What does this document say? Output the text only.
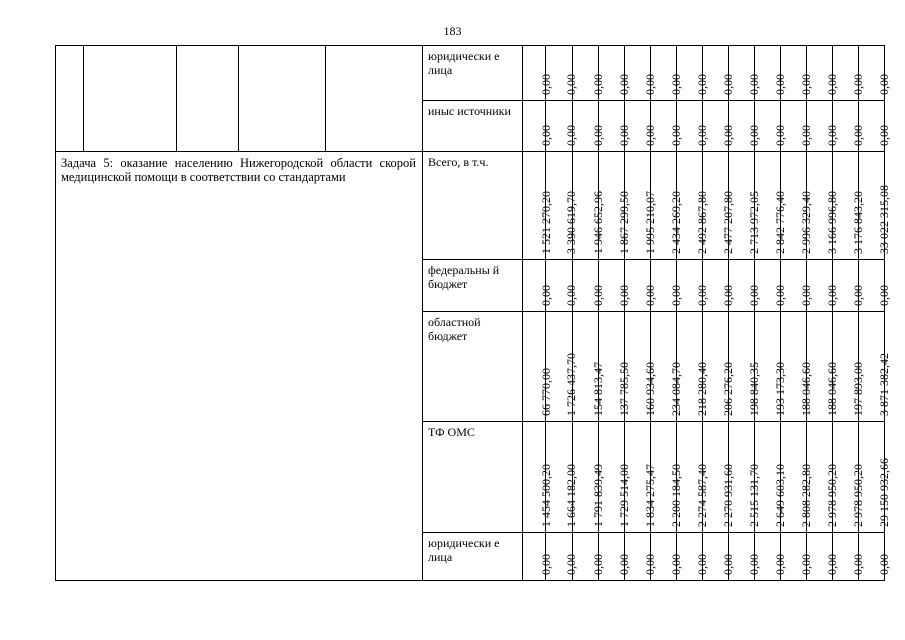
183
					юридически е лица	0,00	0,00	0,00	0,00	0,00	0,00	0,00	0,00	0,00	0,00	0,00	0,00	0,00	0,00

					иныс источники	0,00	0,00	0,00	0,00	0,00	0,00	0,00	0,00	0,00	0,00	0,00	0,00	0,00	0,00

Задача 5: оказание населению Нижегородской области скорой медицинской помощи в соответствии со стандартами					Всего, в т.ч.	1 521 270,20	3 390 619,70	1 946 652,96	1 867 299,50	1 995 210,07	2 434 269,20	2 492 867,80	2 477 207,80	2 713 972,05	2 842 776,40	2 996 329,40	3 166 996,80	3 176 843,20	33 022 315,08

					федеральны й бюджет	0,00	0,00	0,00	0,00	0,00	0,00	0,00	0,00	0,00	0,00	0,00	0,00	0,00	0,00

					областной бюджет	66 770,00	1 726 437,70	154 813,47	137 785,50	160 934,60	234 084,70	218 280,40	206 276,20	198 840,35	193 173,30	188 046,60	188 046,60	197 893,00	3 871 382,42

					ТФ ОМС	1 454 500,20	1 664 182,00	1 791 839,49	1 729 514,00	1 834 275,47	2 200 184,50	2 274 587,40	2 270 931,60	2 515 131,70	2 649 603,10	2 808 282,80	2 978 950,20	2 978 950,20	29 150 932,66

					юридически е лица	0,00	0,00	0,00	0,00	0,00	0,00	0,00	0,00	0,00	0,00	0,00	0,00	0,00	0,00
